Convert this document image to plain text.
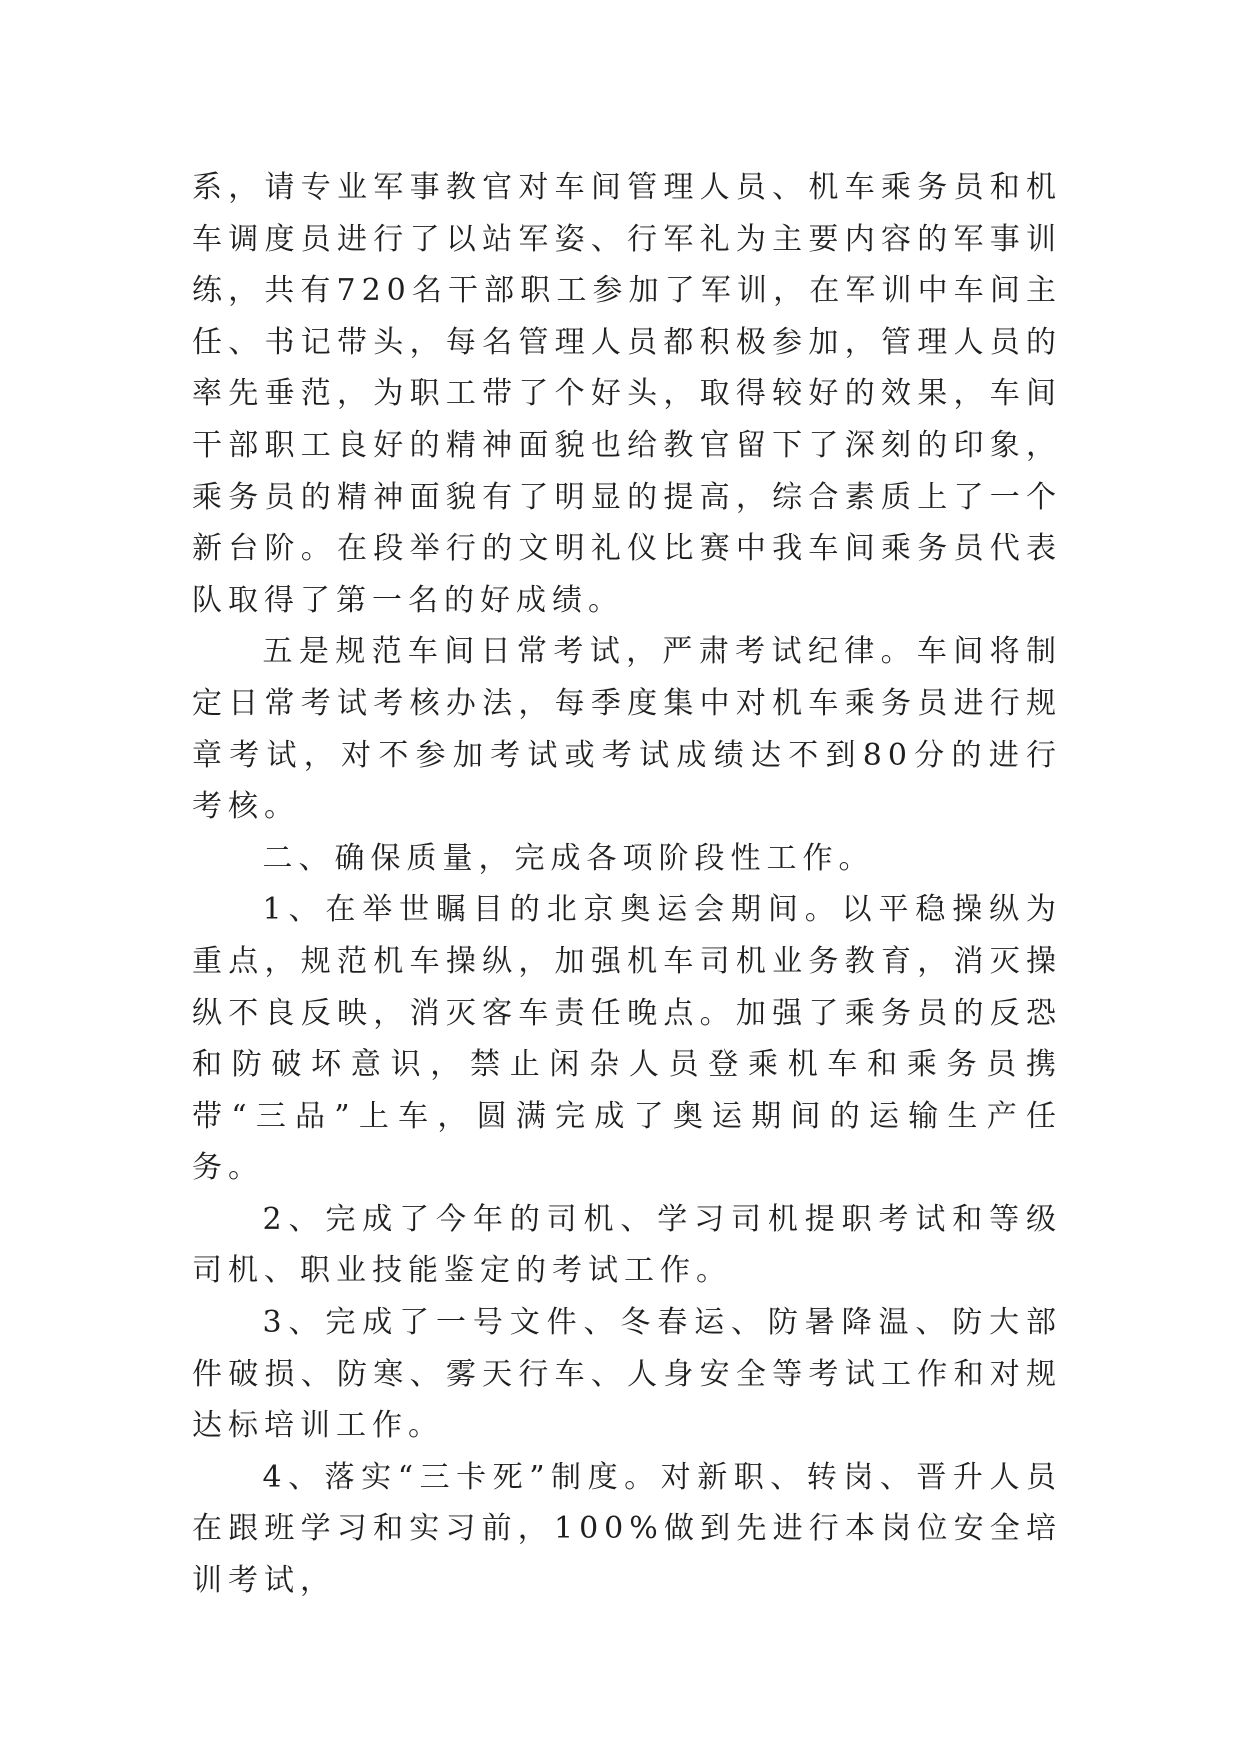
系，请专业军事教官对车间管理人员、机车乘务员和机车调度员进行了以站军姿、行军礼为主要内容的军事训练，共有720名干部职工参加了军训，在军训中车间主任、书记带头，每名管理人员都积极参加，管理人员的率先垂范，为职工带了个好头，取得较好的效果，车间干部职工良好的精神面貌也给教官留下了深刻的印象，乘务员的精神面貌有了明显的提高，综合素质上了一个新台阶。在段举行的文明礼仪比赛中我车间乘务员代表队取得了第一名的好成绩。

五是规范车间日常考试，严肃考试纪律。车间将制定日常考试考核办法，每季度集中对机车乘务员进行规章考试，对不参加考试或考试成绩达不到80分的进行考核。

二、确保质量，完成各项阶段性工作。

1、在举世瞩目的北京奥运会期间。以平稳操纵为重点，规范机车操纵，加强机车司机业务教育，消灭操纵不良反映，消灭客车责任晚点。加强了乘务员的反恐和防破坏意识，禁止闲杂人员登乘机车和乘务员携带“三品”上车，圆满完成了奥运期间的运输生产任务。

2、完成了今年的司机、学习司机提职考试和等级司机、职业技能鉴定的考试工作。

3、完成了一号文件、冬春运、防暑降温、防大部件破损、防寒、雾天行车、人身安全等考试工作和对规达标培训工作。

4、落实“三卡死”制度。对新职、转岗、晋升人员在跟班学习和实习前，100%做到先进行本岗位安全培训考试，
